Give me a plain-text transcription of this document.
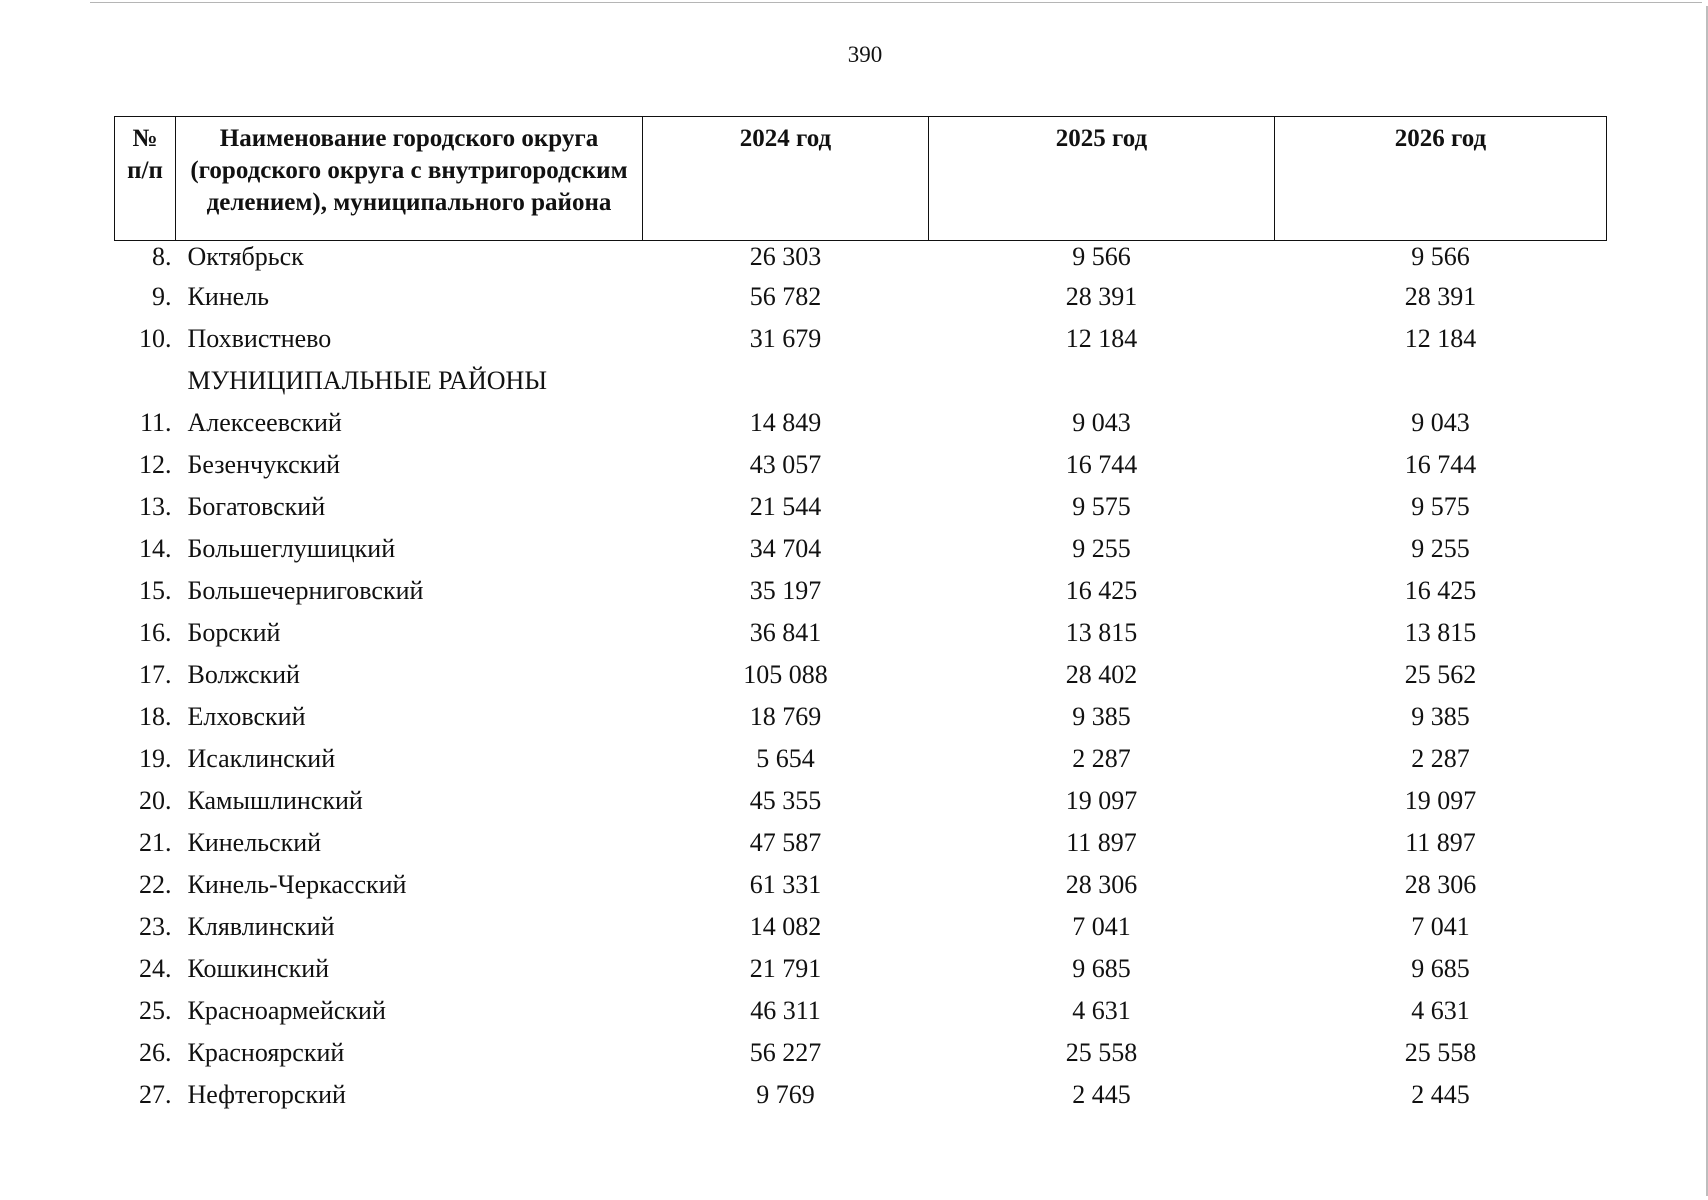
390
№ п/п	Наименование городского округа (городского округа с внутригородским делением), муниципального района	2024 год	2025 год	2026 год
8.	Октябрьск	26 303	9 566	9 566
9.	Кинель	56 782	28 391	28 391
10.	Похвистнево	31 679	12 184	12 184
	МУНИЦИПАЛЬНЫЕ РАЙОНЫ			
11.	Алексеевский	14 849	9 043	9 043
12.	Безенчукский	43 057	16 744	16 744
13.	Богатовский	21 544	9 575	9 575
14.	Большеглушицкий	34 704	9 255	9 255
15.	Большечерниговский	35 197	16 425	16 425
16.	Борский	36 841	13 815	13 815
17.	Волжский	105 088	28 402	25 562
18.	Елховский	18 769	9 385	9 385
19.	Исаклинский	5 654	2 287	2 287
20.	Камышлинский	45 355	19 097	19 097
21.	Кинельский	47 587	11 897	11 897
22.	Кинель-Черкасский	61 331	28 306	28 306
23.	Клявлинский	14 082	7 041	7 041
24.	Кошкинский	21 791	9 685	9 685
25.	Красноармейский	46 311	4 631	4 631
26.	Красноярский	56 227	25 558	25 558
27.	Нефтегорский	9 769	2 445	2 445
